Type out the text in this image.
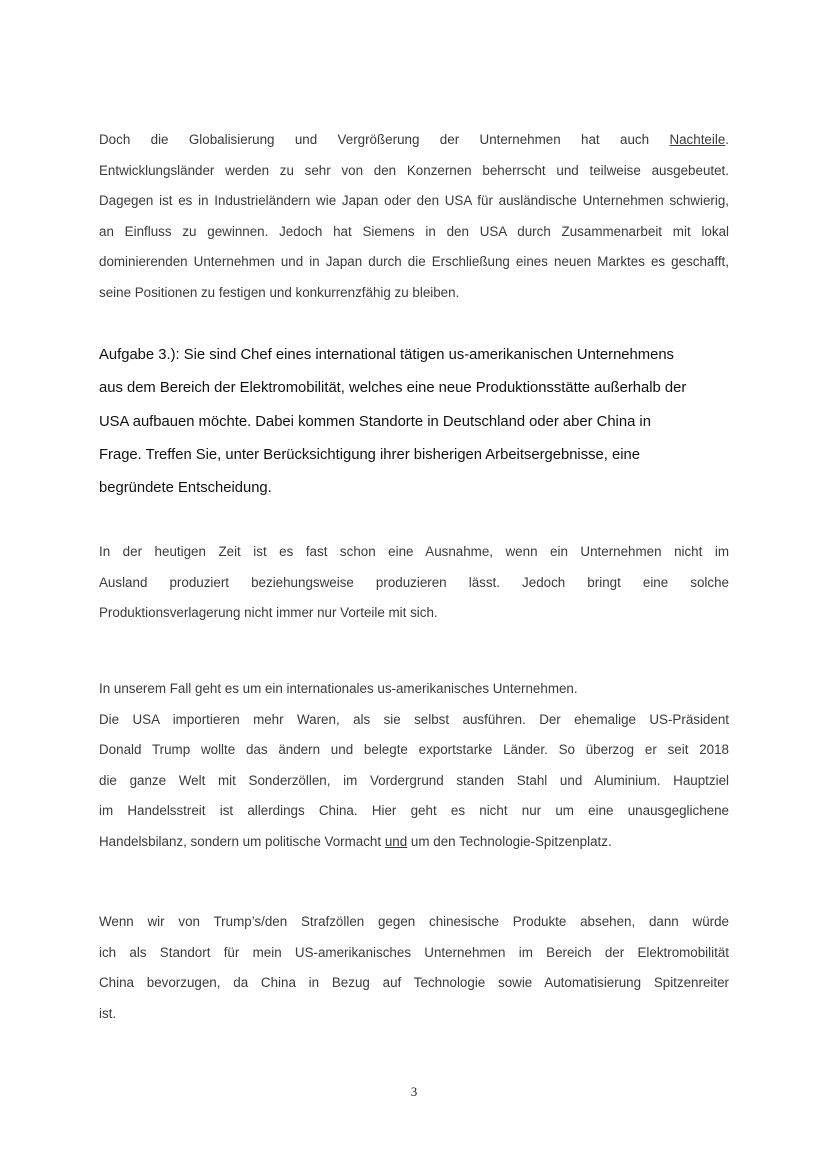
Doch die Globalisierung und Vergrößerung der Unternehmen hat auch Nachteile.
Entwicklungsländer werden zu sehr von den Konzernen beherrscht und teilweise ausgebeutet.
Dagegen ist es in Industrieländern wie Japan oder den USA für ausländische Unternehmen schwierig,
an Einfluss zu gewinnen. Jedoch hat Siemens in den USA durch Zusammenarbeit mit lokal
dominierenden Unternehmen und in Japan durch die Erschließung eines neuen Marktes es geschafft,
seine Positionen zu festigen und konkurrenzfähig zu bleiben.
Aufgabe 3.): Sie sind Chef eines international tätigen us-amerikanischen Unternehmens
aus dem Bereich der Elektromobilität, welches eine neue Produktionsstätte außerhalb der
USA aufbauen möchte. Dabei kommen Standorte in Deutschland oder aber China in
Frage. Treffen Sie, unter Berücksichtigung ihrer bisherigen Arbeitsergebnisse, eine
begründete Entscheidung.
In der heutigen Zeit ist es fast schon eine Ausnahme, wenn ein Unternehmen nicht im
Ausland produziert beziehungsweise produzieren lässt. Jedoch bringt eine solche
Produktionsverlagerung nicht immer nur Vorteile mit sich.
In unserem Fall geht es um ein internationales us-amerikanisches Unternehmen.
Die USA importieren mehr Waren, als sie selbst ausführen. Der ehemalige US-Präsident
Donald Trump wollte das ändern und belegte exportstarke Länder. So überzog er seit 2018
die ganze Welt mit Sonderzöllen, im Vordergrund standen Stahl und Aluminium. Hauptziel
im Handelsstreit ist allerdings China. Hier geht es nicht nur um eine unausgeglichene
Handelsbilanz, sondern um politische Vormacht und um den Technologie-Spitzenplatz.
Wenn wir von Trump’s/den Strafzöllen gegen chinesische Produkte absehen, dann würde
ich als Standort für mein US-amerikanisches Unternehmen im Bereich der Elektromobilität
China bevorzugen, da China in Bezug auf Technologie sowie Automatisierung Spitzenreiter
ist.
3
